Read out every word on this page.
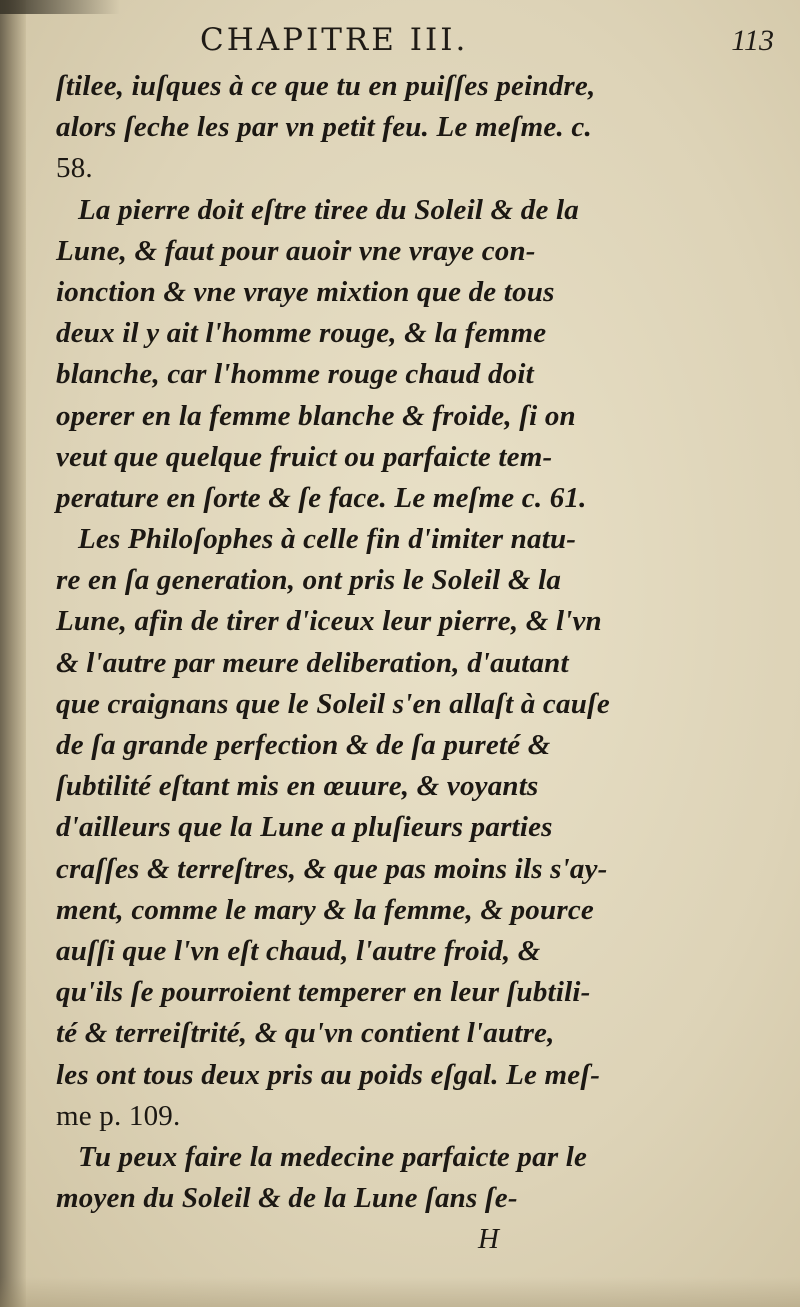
CHAPITRE III.	113
ſtilee, iuſques à ce que tu en puiſſes peindre,
alors ſeche les par vn petit feu. Le meſme. c.
58.
La pierre doit eſtre tiree du Soleil & de la
Lune, & faut pour auoir vne vraye con-
ionction & vne vraye mixtion que de tous
deux il y ait l'homme rouge, & la femme
blanche, car l'homme rouge chaud doit
operer en la femme blanche & froide, ſi on
veut que quelque fruict ou parfaicte tem-
perature en ſorte & ſe face. Le meſme c. 61.
Les Philoſophes à celle fin d'imiter natu-
re en ſa generation, ont pris le Soleil & la
Lune, afin de tirer d'iceux leur pierre, & l'vn
& l'autre par meure deliberation, d'autant
que craignans que le Soleil s'en allaſt à cauſe
de ſa grande perfection & de ſa pureté &
ſubtilité eſtant mis en œuure, & voyants
d'ailleurs que la Lune a pluſieurs parties
craſſes & terreſtres, & que pas moins ils s'ay-
ment, comme le mary & la femme, & pource
auſſi que l'vn eſt chaud, l'autre froid, &
qu'ils ſe pourroient temperer en leur ſubtili-
té & terreiſtrité, & qu'vn contient l'autre,
les ont tous deux pris au poids eſgal. Le meſ-
me p. 109.
Tu peux faire la medecine parfaicte par le
moyen du Soleil & de la Lune ſans ſe-
H
